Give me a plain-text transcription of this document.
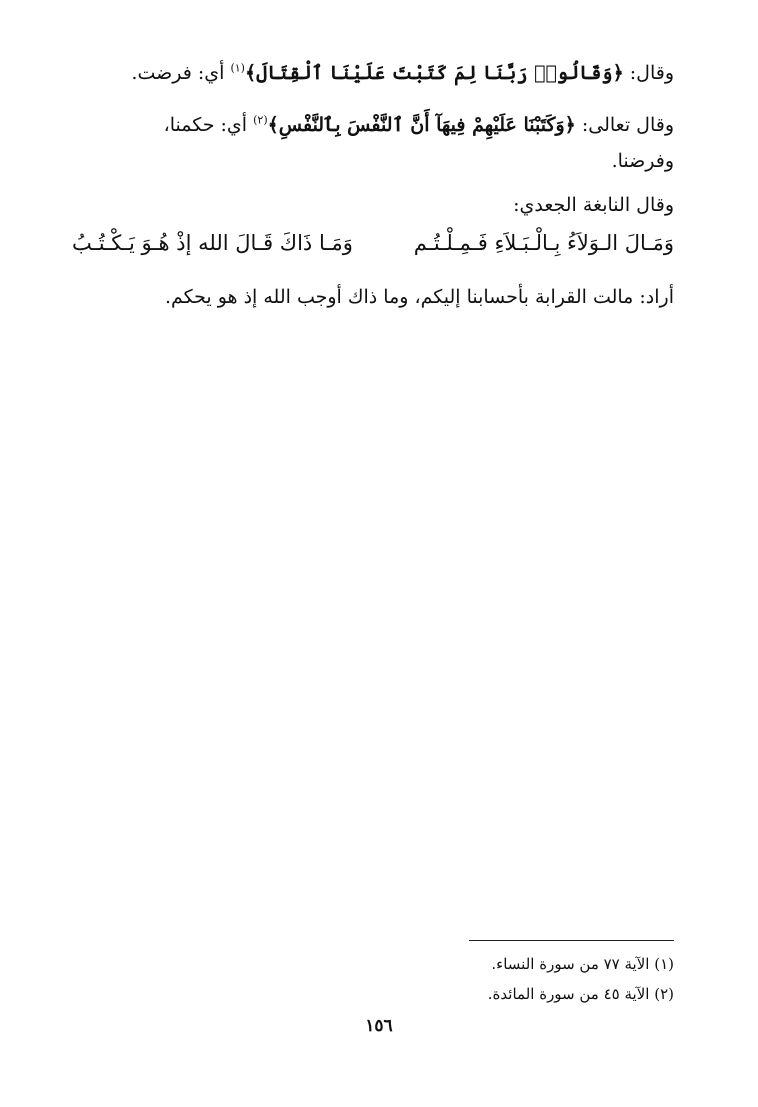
وقال: ﴿وَقَالُوا۟ رَبَّنَا لِمَ كَتَبْتَ عَلَيْنَا ٱلْقِتَالَ﴾$^{(١)}$ أي: فرضت.
وقال تعالى: ﴿وَكَتَبْنَا عَلَيْهِمْ فِيهَآ أَنَّ ٱلنَّفْسَ بِٱلنَّفْسِ﴾$^{(٢)}$ أي: حكمنا،
وفرضنا.
وقال النابغة الجعدي:
وَمَـالَ الـوَلاَءُ بِـالْـبَـلاَءِ فَـمِـلْـتُـم
وَمَـا ذَاكَ قَـالَ الله إذْ هُـوَ يَـكْـتُـبُ
أراد: مالت القرابة بأحسابنا إليكم، وما ذاك أوجب الله إذ هو يحكم.
(١) الآية ٧٧ من سورة النساء.
(٢) الآية ٤٥ من سورة المائدة.
١٥٦
